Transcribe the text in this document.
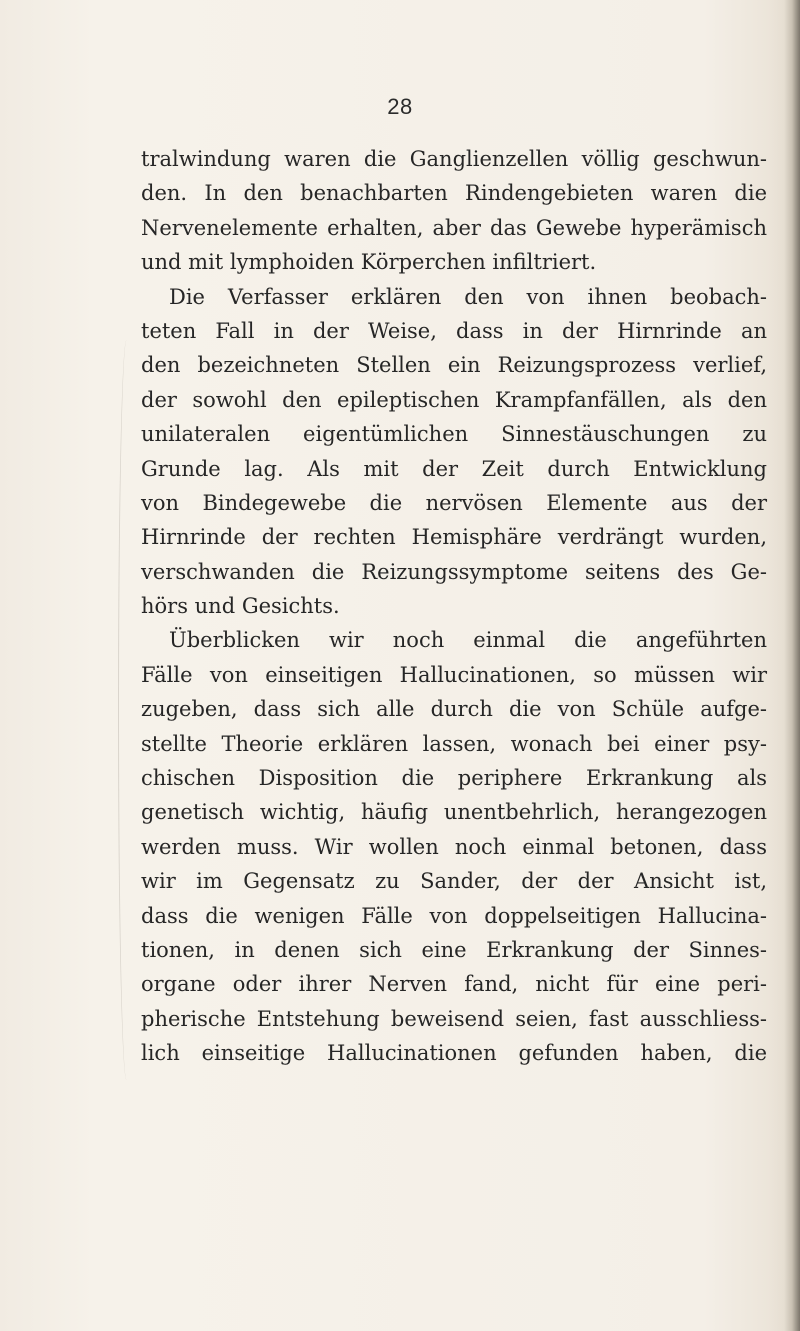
28
tralwindung waren die Ganglienzellen völlig geschwun-
den. In den benachbarten Rindengebieten waren die
Nervenelemente erhalten, aber das Gewebe hyperämisch
und mit lymphoiden Körperchen infiltriert.
Die Verfasser erklären den von ihnen beobach-
teten Fall in der Weise, dass in der Hirnrinde an
den bezeichneten Stellen ein Reizungsprozess verlief,
der sowohl den epileptischen Krampfanfällen, als den
unilateralen eigentümlichen Sinnestäuschungen zu
Grunde lag. Als mit der Zeit durch Entwicklung
von Bindegewebe die nervösen Elemente aus der
Hirnrinde der rechten Hemisphäre verdrängt wurden,
verschwanden die Reizungssymptome seitens des Ge-
hörs und Gesichts.
Überblicken wir noch einmal die angeführten
Fälle von einseitigen Hallucinationen, so müssen wir
zugeben, dass sich alle durch die von Schüle aufge-
stellte Theorie erklären lassen, wonach bei einer psy-
chischen Disposition die periphere Erkrankung als
genetisch wichtig, häufig unentbehrlich, herangezogen
werden muss. Wir wollen noch einmal betonen, dass
wir im Gegensatz zu Sander, der der Ansicht ist,
dass die wenigen Fälle von doppelseitigen Hallucina-
tionen, in denen sich eine Erkrankung der Sinnes-
organe oder ihrer Nerven fand, nicht für eine peri-
pherische Entstehung beweisend seien, fast ausschliess-
lich einseitige Hallucinationen gefunden haben, die
